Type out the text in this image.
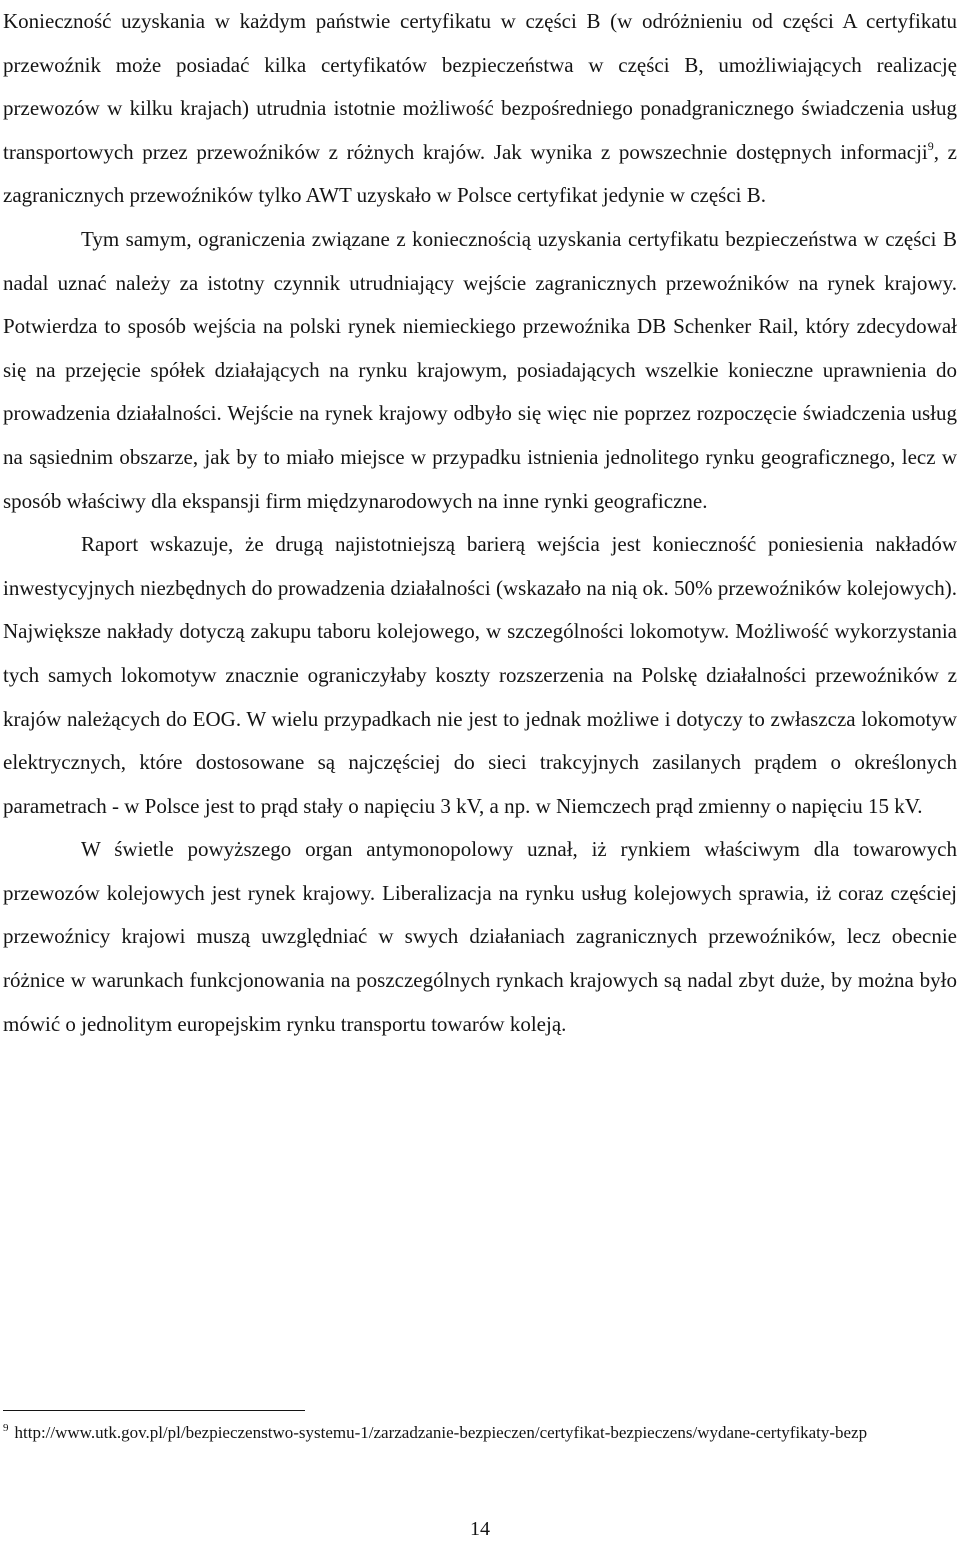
Konieczność uzyskania w każdym państwie certyfikatu w części B (w odróżnieniu od części A certyfikatu przewoźnik może posiadać kilka certyfikatów bezpieczeństwa w części B, umożliwiających realizację przewozów w kilku krajach) utrudnia istotnie możliwość bezpośredniego ponadgranicznego świadczenia usług transportowych przez przewoźników z różnych krajów. Jak wynika z powszechnie dostępnych informacji$^9$, z zagranicznych przewoźników tylko AWT uzyskało w Polsce certyfikat jedynie w części B.

Tym samym, ograniczenia związane z koniecznością uzyskania certyfikatu bezpieczeństwa w części B nadal uznać należy za istotny czynnik utrudniający wejście zagranicznych przewoźników na rynek krajowy. Potwierdza to sposób wejścia na polski rynek niemieckiego przewoźnika DB Schenker Rail, który zdecydował się na przejęcie spółek działających na rynku krajowym, posiadających wszelkie konieczne uprawnienia do prowadzenia działalności. Wejście na rynek krajowy odbyło się więc nie poprzez rozpoczęcie świadczenia usług na sąsiednim obszarze, jak by to miało miejsce w przypadku istnienia jednolitego rynku geograficznego, lecz w sposób właściwy dla ekspansji firm międzynarodowych na inne rynki geograficzne.

Raport wskazuje, że drugą najistotniejszą barierą wejścia jest konieczność poniesienia nakładów inwestycyjnych niezbędnych do prowadzenia działalności (wskazało na nią ok. 50% przewoźników kolejowych). Największe nakłady dotyczą zakupu taboru kolejowego, w szczególności lokomotyw. Możliwość wykorzystania tych samych lokomotyw znacznie ograniczyłaby koszty rozszerzenia na Polskę działalności przewoźników z krajów należących do EOG. W wielu przypadkach nie jest to jednak możliwe i dotyczy to zwłaszcza lokomotyw elektrycznych, które dostosowane są najczęściej do sieci trakcyjnych zasilanych prądem o określonych parametrach - w Polsce jest to prąd stały o napięciu 3 kV, a np. w Niemczech prąd zmienny o napięciu 15 kV.

W świetle powyższego organ antymonopolowy uznał, iż rynkiem właściwym dla towarowych przewozów kolejowych jest rynek krajowy. Liberalizacja na rynku usług kolejowych sprawia, iż coraz częściej przewoźnicy krajowi muszą uwzględniać w swych działaniach zagranicznych przewoźników, lecz obecnie różnice w warunkach funkcjonowania na poszczególnych rynkach krajowych są nadal zbyt duże, by można było mówić o jednolitym europejskim rynku transportu towarów koleją.

$^9$ http://www.utk.gov.pl/pl/bezpieczenstwo-systemu-1/zarzadzanie-bezpieczen/certyfikat-bezpieczens/wydane-certyfikaty-bezp

14
